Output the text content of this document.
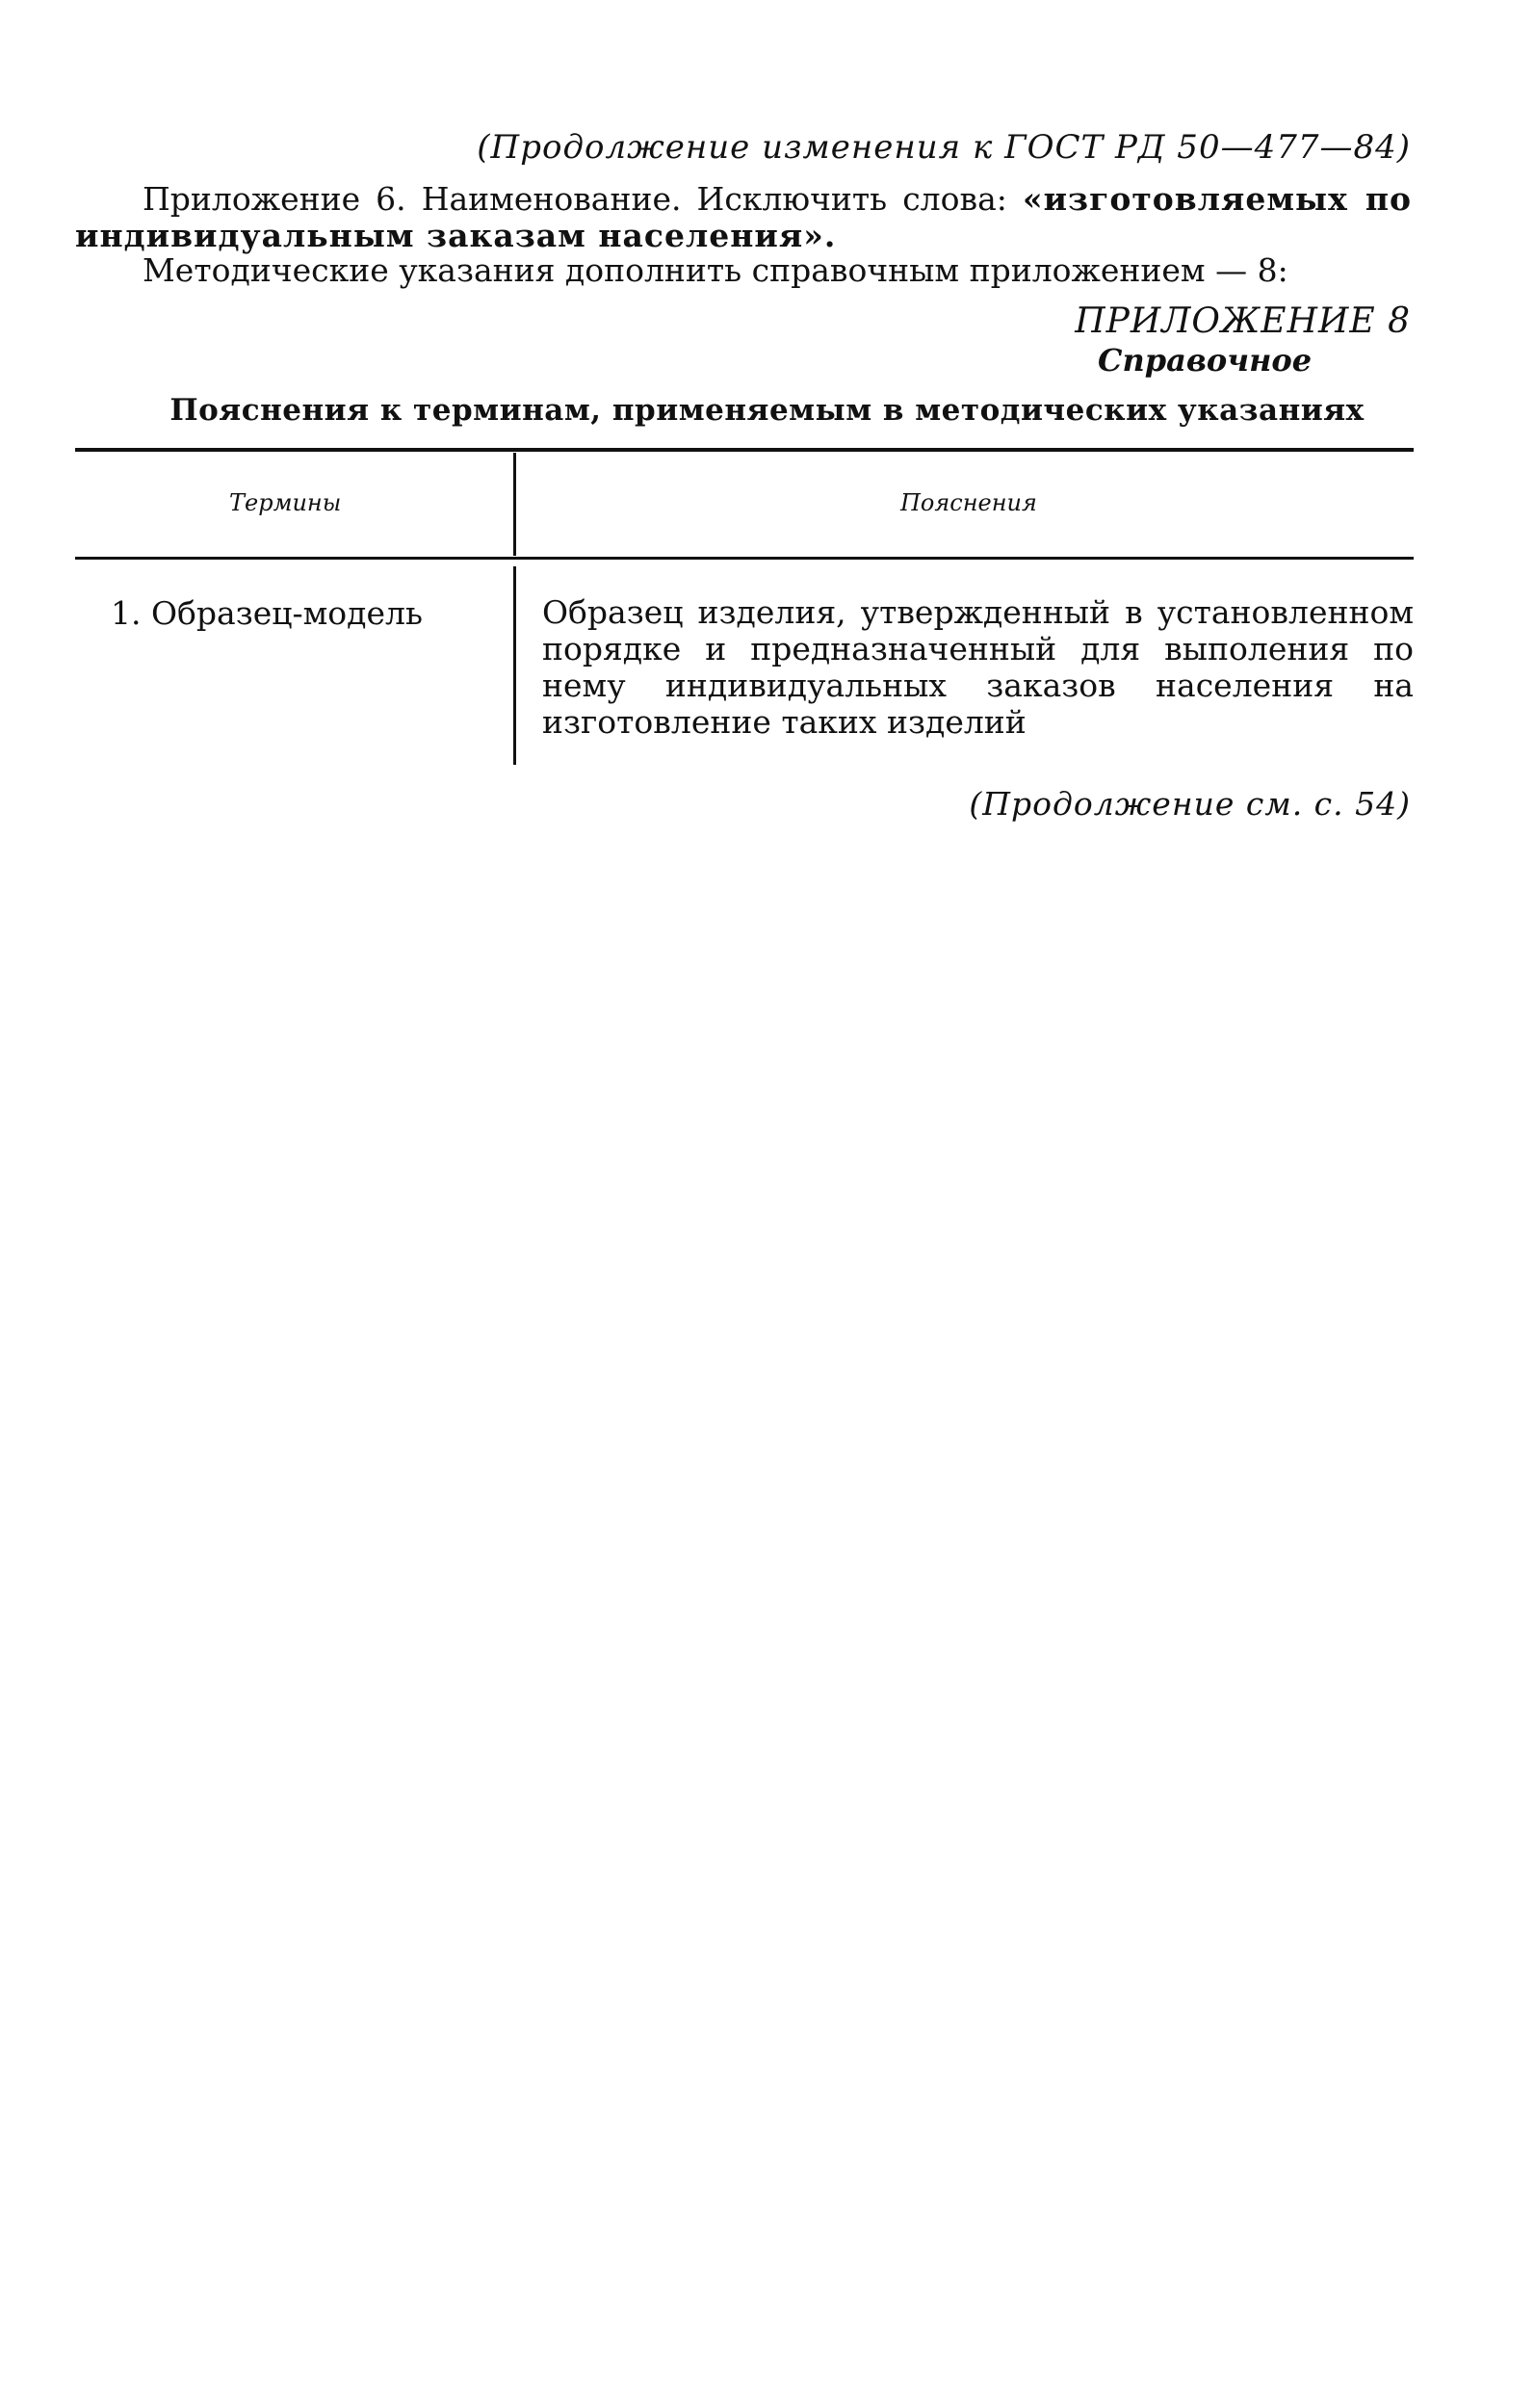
(Продолжение изменения к ГОСТ РД 50—477—84)
Приложение 6. Наименование. Исключить слова: «изготовляемых по индивидуальным заказам населения».
Методические указания дополнить справочным приложением — 8:
ПРИЛОЖЕНИЕ 8
Справочное
Пояснения к терминам, применяемым в методических указаниях
Термины	Пояснения
1. Образец-модель	Образец изделия, утвержденный в установленном порядке и предназначенный для выполения по нему индивидуальных заказов населения на изготовление таких изделий
(Продолжение см. с. 54)
